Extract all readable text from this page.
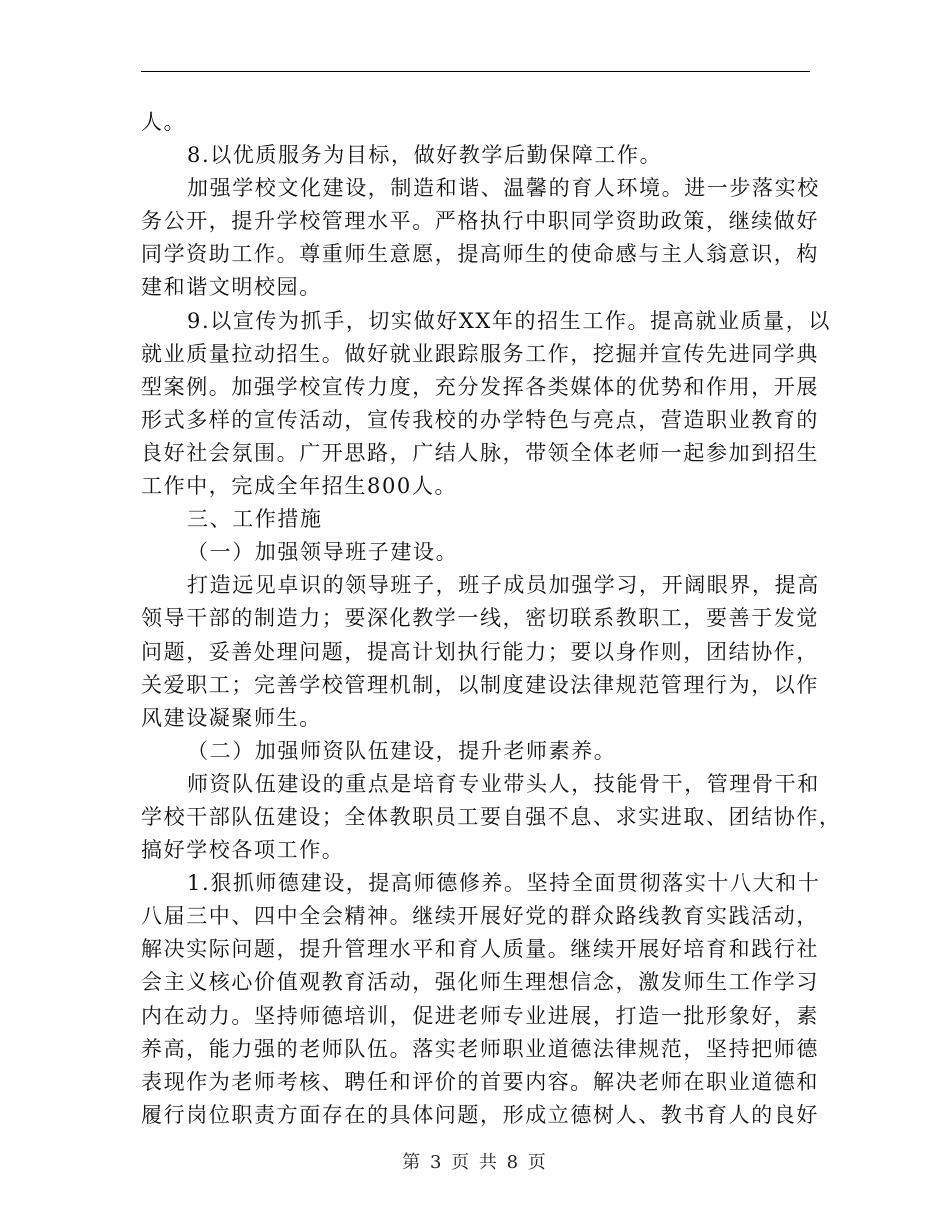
人。
8.以优质服务为目标，做好教学后勤保障工作。
加强学校文化建设，制造和谐、温馨的育人环境。进一步落实校
务公开，提升学校管理水平。严格执行中职同学资助政策，继续做好
同学资助工作。尊重师生意愿，提高师生的使命感与主人翁意识，构
建和谐文明校园。
9.以宣传为抓手，切实做好XX年的招生工作。提高就业质量，以
就业质量拉动招生。做好就业跟踪服务工作，挖掘并宣传先进同学典
型案例。加强学校宣传力度，充分发挥各类媒体的优势和作用，开展
形式多样的宣传活动，宣传我校的办学特色与亮点，营造职业教育的
良好社会氛围。广开思路，广结人脉，带领全体老师一起参加到招生
工作中，完成全年招生800人。
三、工作措施
（一）加强领导班子建设。
打造远见卓识的领导班子，班子成员加强学习，开阔眼界，提高
领导干部的制造力；要深化教学一线，密切联系教职工，要善于发觉
问题，妥善处理问题，提高计划执行能力；要以身作则，团结协作，
关爱职工；完善学校管理机制，以制度建设法律规范管理行为，以作
风建设凝聚师生。
（二）加强师资队伍建设，提升老师素养。
师资队伍建设的重点是培育专业带头人，技能骨干，管理骨干和
学校干部队伍建设；全体教职员工要自强不息、求实进取、团结协作，
搞好学校各项工作。
1.狠抓师德建设，提高师德修养。坚持全面贯彻落实十八大和十
八届三中、四中全会精神。继续开展好党的群众路线教育实践活动，
解决实际问题，提升管理水平和育人质量。继续开展好培育和践行社
会主义核心价值观教育活动，强化师生理想信念，激发师生工作学习
内在动力。坚持师德培训，促进老师专业进展，打造一批形象好，素
养高，能力强的老师队伍。落实老师职业道德法律规范，坚持把师德
表现作为老师考核、聘任和评价的首要内容。解决老师在职业道德和
履行岗位职责方面存在的具体问题，形成立德树人、教书育人的良好
第 3 页 共 8 页
